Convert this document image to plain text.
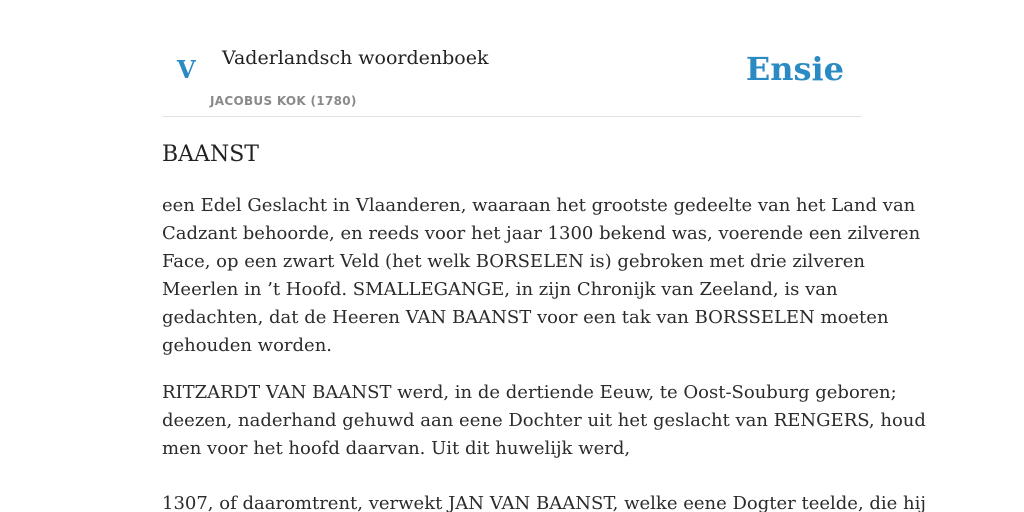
V Vaderlandsch woordenboek
JACOBUS KOK (1780)
Ensie
BAANST

een Edel Geslacht in Vlaanderen, waaraan het grootste gedeelte van het Land van
Cadzant behoorde, en reeds voor het jaar 1300 bekend was, voerende een zilveren
Face, op een zwart Veld (het welk BORSELEN is) gebroken met drie zilveren
Meerlen in ’t Hoofd. SMALLEGANGE, in zijn Chronijk van Zeeland, is van
gedachten, dat de Heeren VAN BAANST voor een tak van BORSSELEN moeten
gehouden worden.

RITZARDT VAN BAANST werd, in de dertiende Eeuw, te Oost-Souburg geboren;
deezen, naderhand gehuwd aan eene Dochter uit het geslacht van RENGERS, houd
men voor het hoofd daarvan. Uit dit huwelijk werd,

1307, of daaromtrent, verwekt JAN VAN BAANST, welke eene Dogter teelde, die hij
